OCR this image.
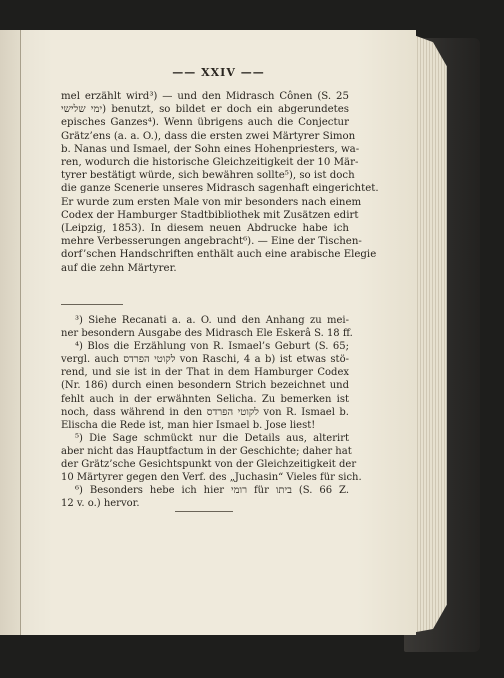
—— XXIV ——
mel erzählt wird³) — und den Midrasch Cônen (S. 25
ימי שלישי) benutzt, so bildet er doch ein abgerundetes
episches Ganzes⁴). Wenn übrigens auch die Conjectur
Grätz’ens (a. a. O.), dass die ersten zwei Märtyrer Simon
b. Nanas und Ismael, der Sohn eines Hohenpriesters, wa-
ren, wodurch die historische Gleichzeitigkeit der 10 Mär-
tyrer bestätigt würde, sich bewähren sollte⁵), so ist doch
die ganze Scenerie unseres Midrasch sagenhaft eingerichtet.
Er wurde zum ersten Male von mir besonders nach einem
Codex der Hamburger Stadtbibliothek mit Zusätzen edirt
(Leipzig, 1853). In diesem neuen Abdrucke habe ich
mehre Verbesserungen angebracht⁶). — Eine der Tischen-
dorf’schen Handschriften enthält auch eine arabische Elegie
auf die zehn Märtyrer.
³) Siehe Recanati a. a. O. und den Anhang zu mei-
ner besondern Ausgabe des Midrasch Ele Eskerâ S. 18 ff.
⁴) Blos die Erzählung von R. Ismael’s Geburt (S. 65;
vergl. auch לקוטי הפרדס von Raschi, 4 a b) ist etwas stö-
rend, und sie ist in der That in dem Hamburger Codex
(Nr. 186) durch einen besondern Strich bezeichnet und
fehlt auch in der erwähnten Selicha. Zu bemerken ist
noch, dass während in den לקוטי הפרדס von R. Ismael b.
Elischa die Rede ist, man hier Ismael b. Jose liest!
⁵) Die Sage schmückt nur die Details aus, alterirt
aber nicht das Hauptfactum in der Geschichte; daher hat
der Grätz’sche Gesichtspunkt von der Gleichzeitigkeit der
10 Märtyrer gegen den Verf. des „Juchasin“ Vieles für sich.
⁶) Besonders hebe ich hier רומי für ביתו (S. 66 Z.
12 v. o.) hervor.
